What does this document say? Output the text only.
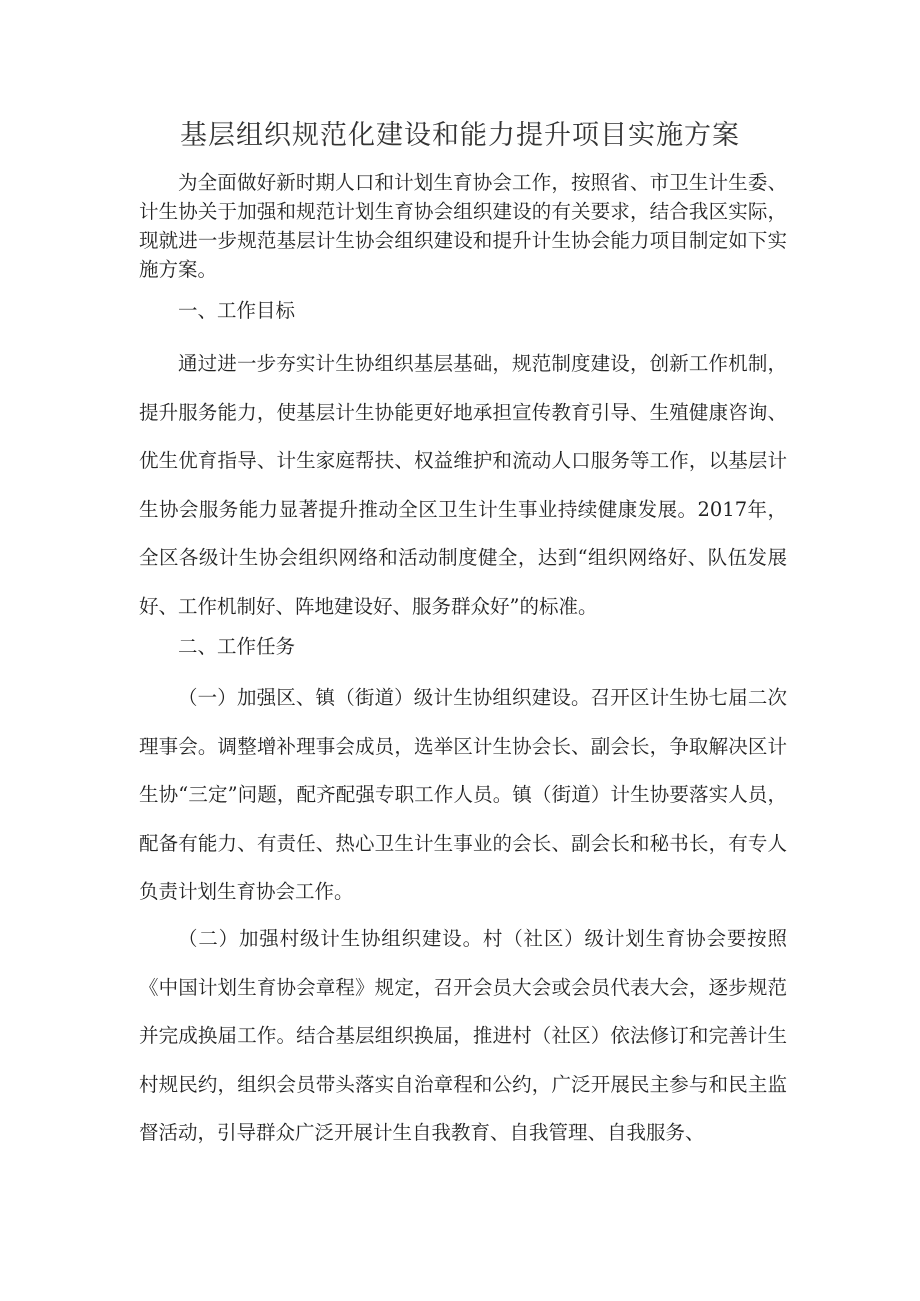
基层组织规范化建设和能力提升项目实施方案
为全面做好新时期人口和计划生育协会工作，按照省、市卫生计生委、计生协关于加强和规范计划生育协会组织建设的有关要求，结合我区实际，现就进一步规范基层计生协会组织建设和提升计生协会能力项目制定如下实施方案。
一、工作目标
通过进一步夯实计生协组织基层基础，规范制度建设，创新工作机制，提升服务能力，使基层计生协能更好地承担宣传教育引导、生殖健康咨询、优生优育指导、计生家庭帮扶、权益维护和流动人口服务等工作，以基层计生协会服务能力显著提升推动全区卫生计生事业持续健康发展。2017年，全区各级计生协会组织网络和活动制度健全，达到“组织网络好、队伍发展好、工作机制好、阵地建设好、服务群众好”的标准。
二、工作任务
（一）加强区、镇（街道）级计生协组织建设。召开区计生协七届二次理事会。调整增补理事会成员，选举区计生协会长、副会长，争取解决区计生协“三定”问题，配齐配强专职工作人员。镇（街道）计生协要落实人员，配备有能力、有责任、热心卫生计生事业的会长、副会长和秘书长，有专人负责计划生育协会工作。
（二）加强村级计生协组织建设。村（社区）级计划生育协会要按照《中国计划生育协会章程》规定，召开会员大会或会员代表大会，逐步规范并完成换届工作。结合基层组织换届，推进村（社区）依法修订和完善计生村规民约，组织会员带头落实自治章程和公约，广泛开展民主参与和民主监督活动，引导群众广泛开展计生自我教育、自我管理、自我服务、
